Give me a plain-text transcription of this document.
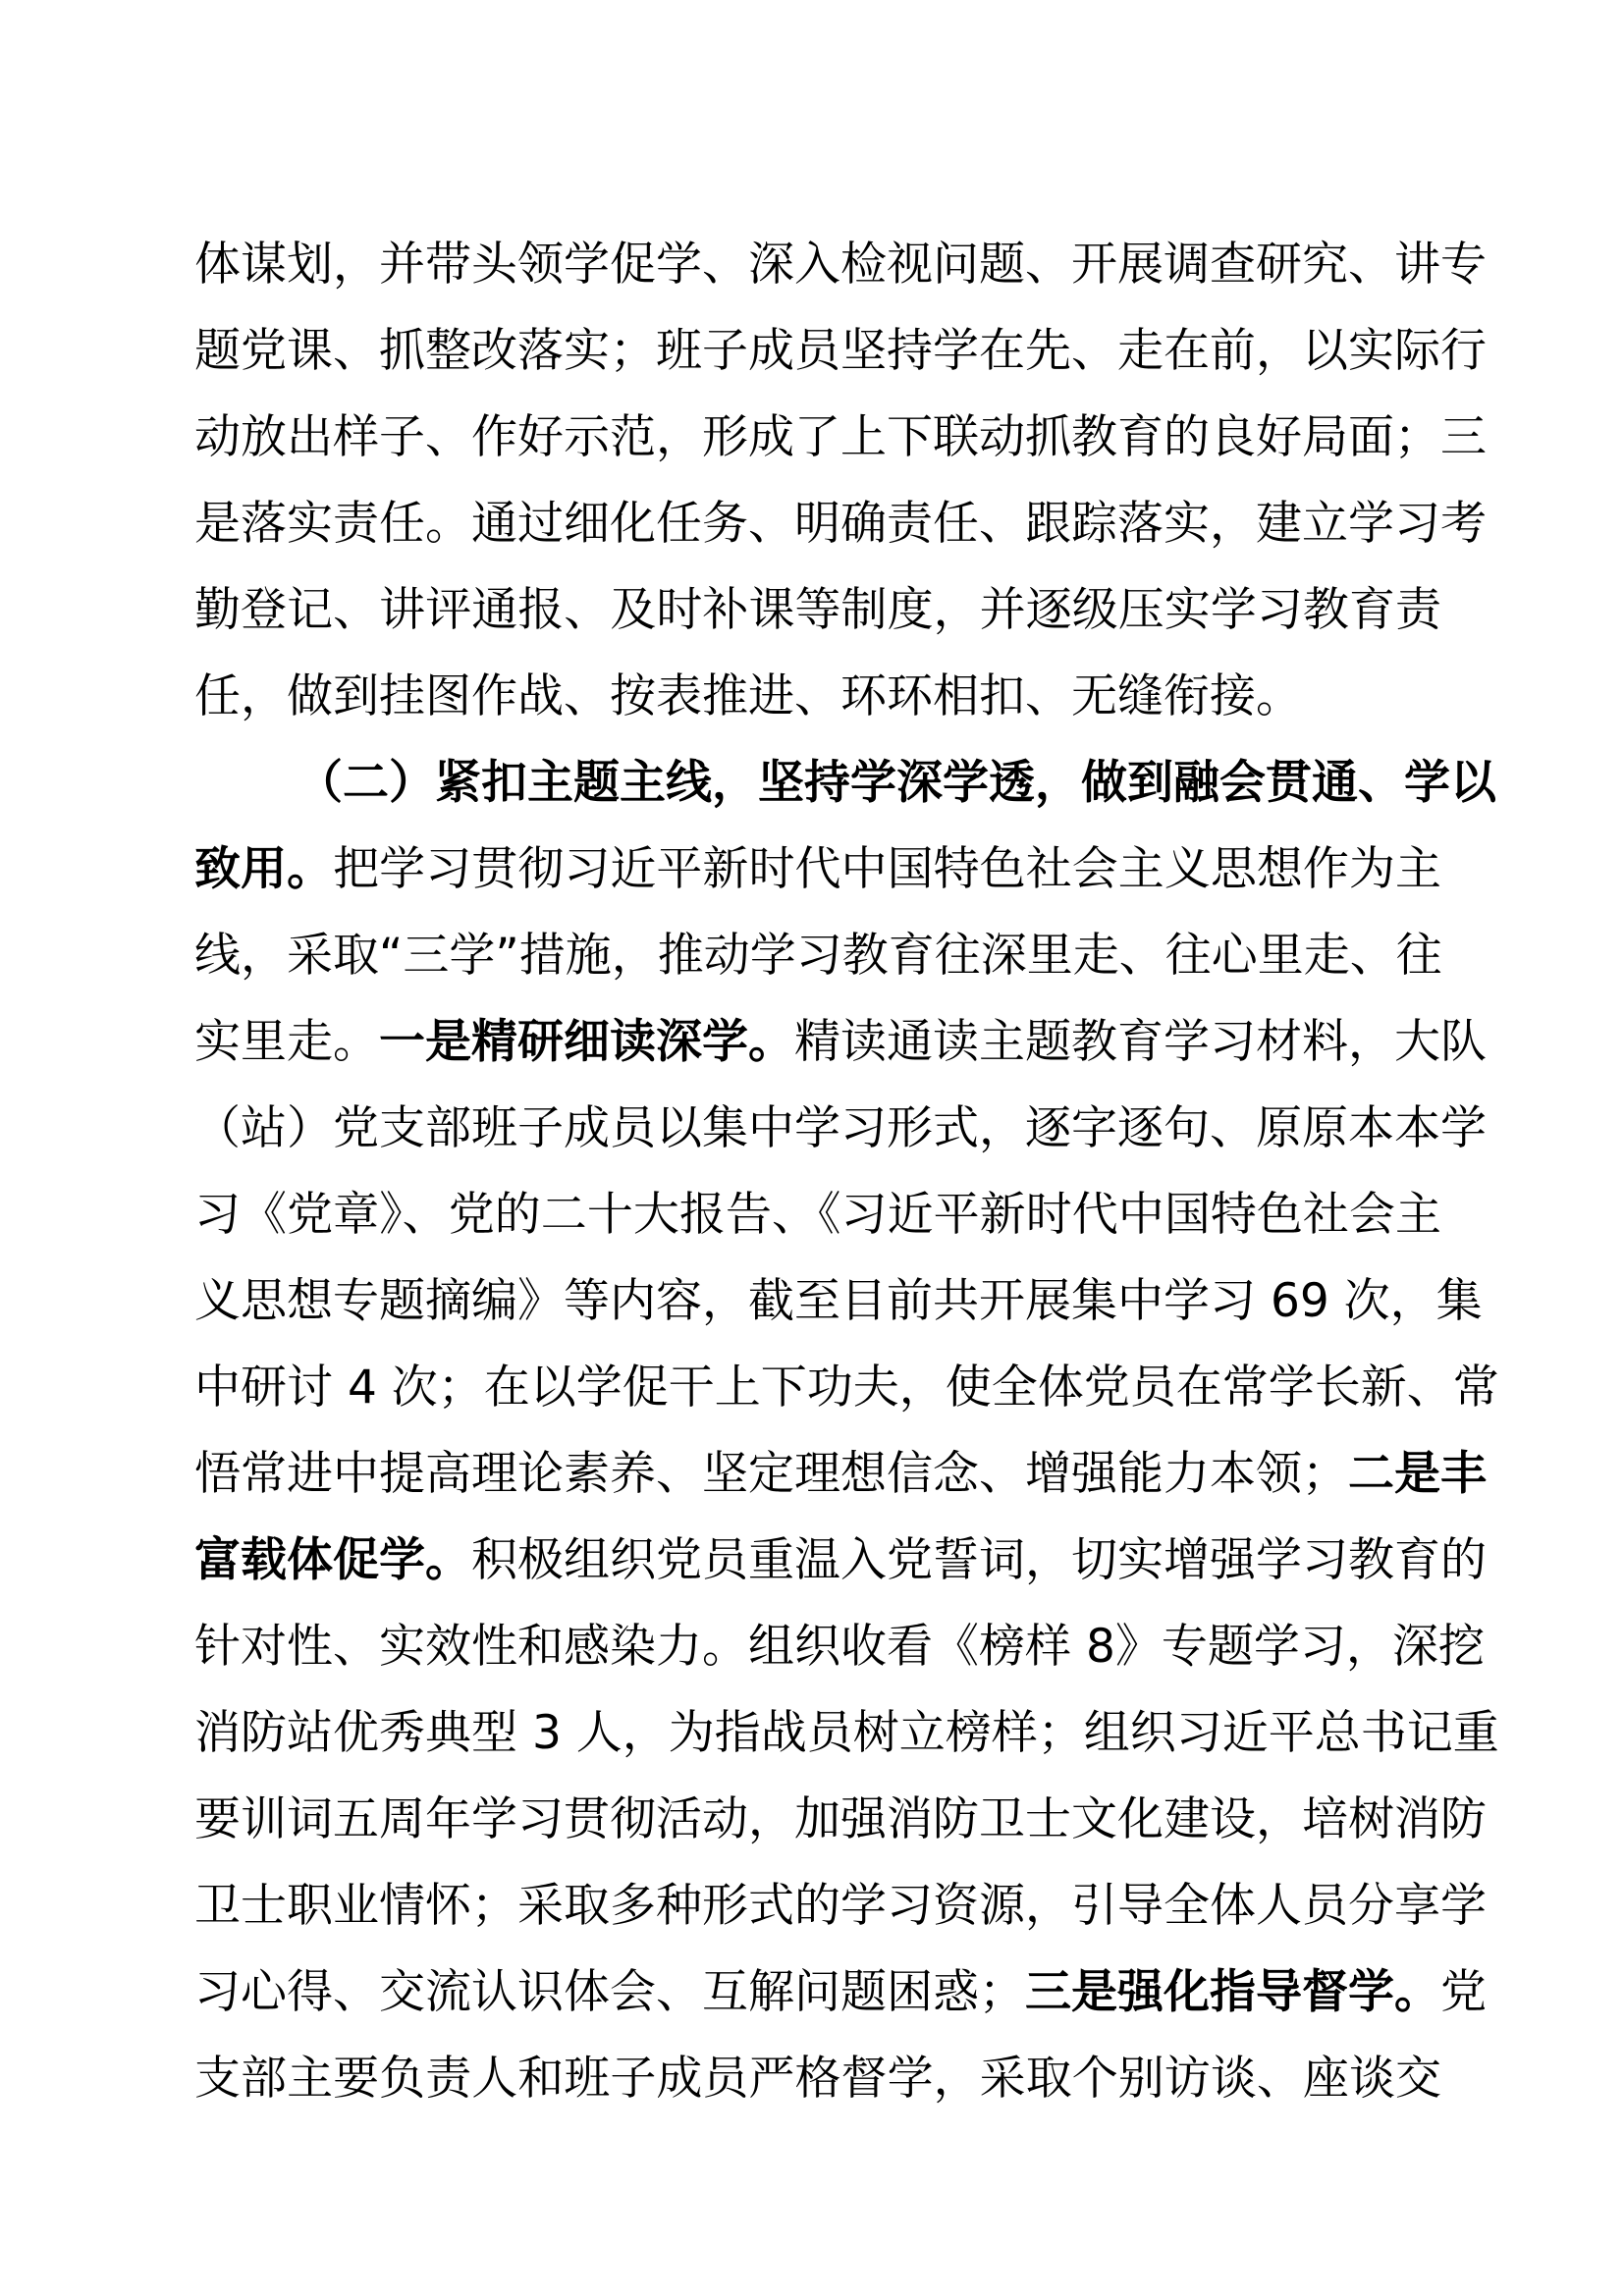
体谋划，并带头领学促学、深入检视问题、开展调查研究、讲专
题党课、抓整改落实；班子成员坚持学在先、走在前，以实际行
动放出样子、作好示范，形成了上下联动抓教育的良好局面；三
是落实责任。通过细化任务、明确责任、跟踪落实，建立学习考
勤登记、讲评通报、及时补课等制度，并逐级压实学习教育责
任，做到挂图作战、按表推进、环环相扣、无缝衔接。
（二）紧扣主题主线，坚持学深学透，做到融会贯通、学以
致用。把学习贯彻习近平新时代中国特色社会主义思想作为主
线，采取“三学”措施，推动学习教育往深里走、往心里走、往
实里走。一是精研细读深学。精读通读主题教育学习材料，大队
（站）党支部班子成员以集中学习形式，逐字逐句、原原本本学
习《党章》、党的二十大报告、《习近平新时代中国特色社会主
义思想专题摘编》等内容，截至目前共开展集中学习 69 次，集
中研讨 4 次；在以学促干上下功夫，使全体党员在常学长新、常
悟常进中提高理论素养、坚定理想信念、增强能力本领；二是丰
富载体促学。积极组织党员重温入党誓词，切实增强学习教育的
针对性、实效性和感染力。组织收看《榜样 8》专题学习，深挖
消防站优秀典型 3 人，为指战员树立榜样；组织习近平总书记重
要训词五周年学习贯彻活动，加强消防卫士文化建设，培树消防
卫士职业情怀；采取多种形式的学习资源，引导全体人员分享学
习心得、交流认识体会、互解问题困惑；三是强化指导督学。党
支部主要负责人和班子成员严格督学，采取个别访谈、座谈交
